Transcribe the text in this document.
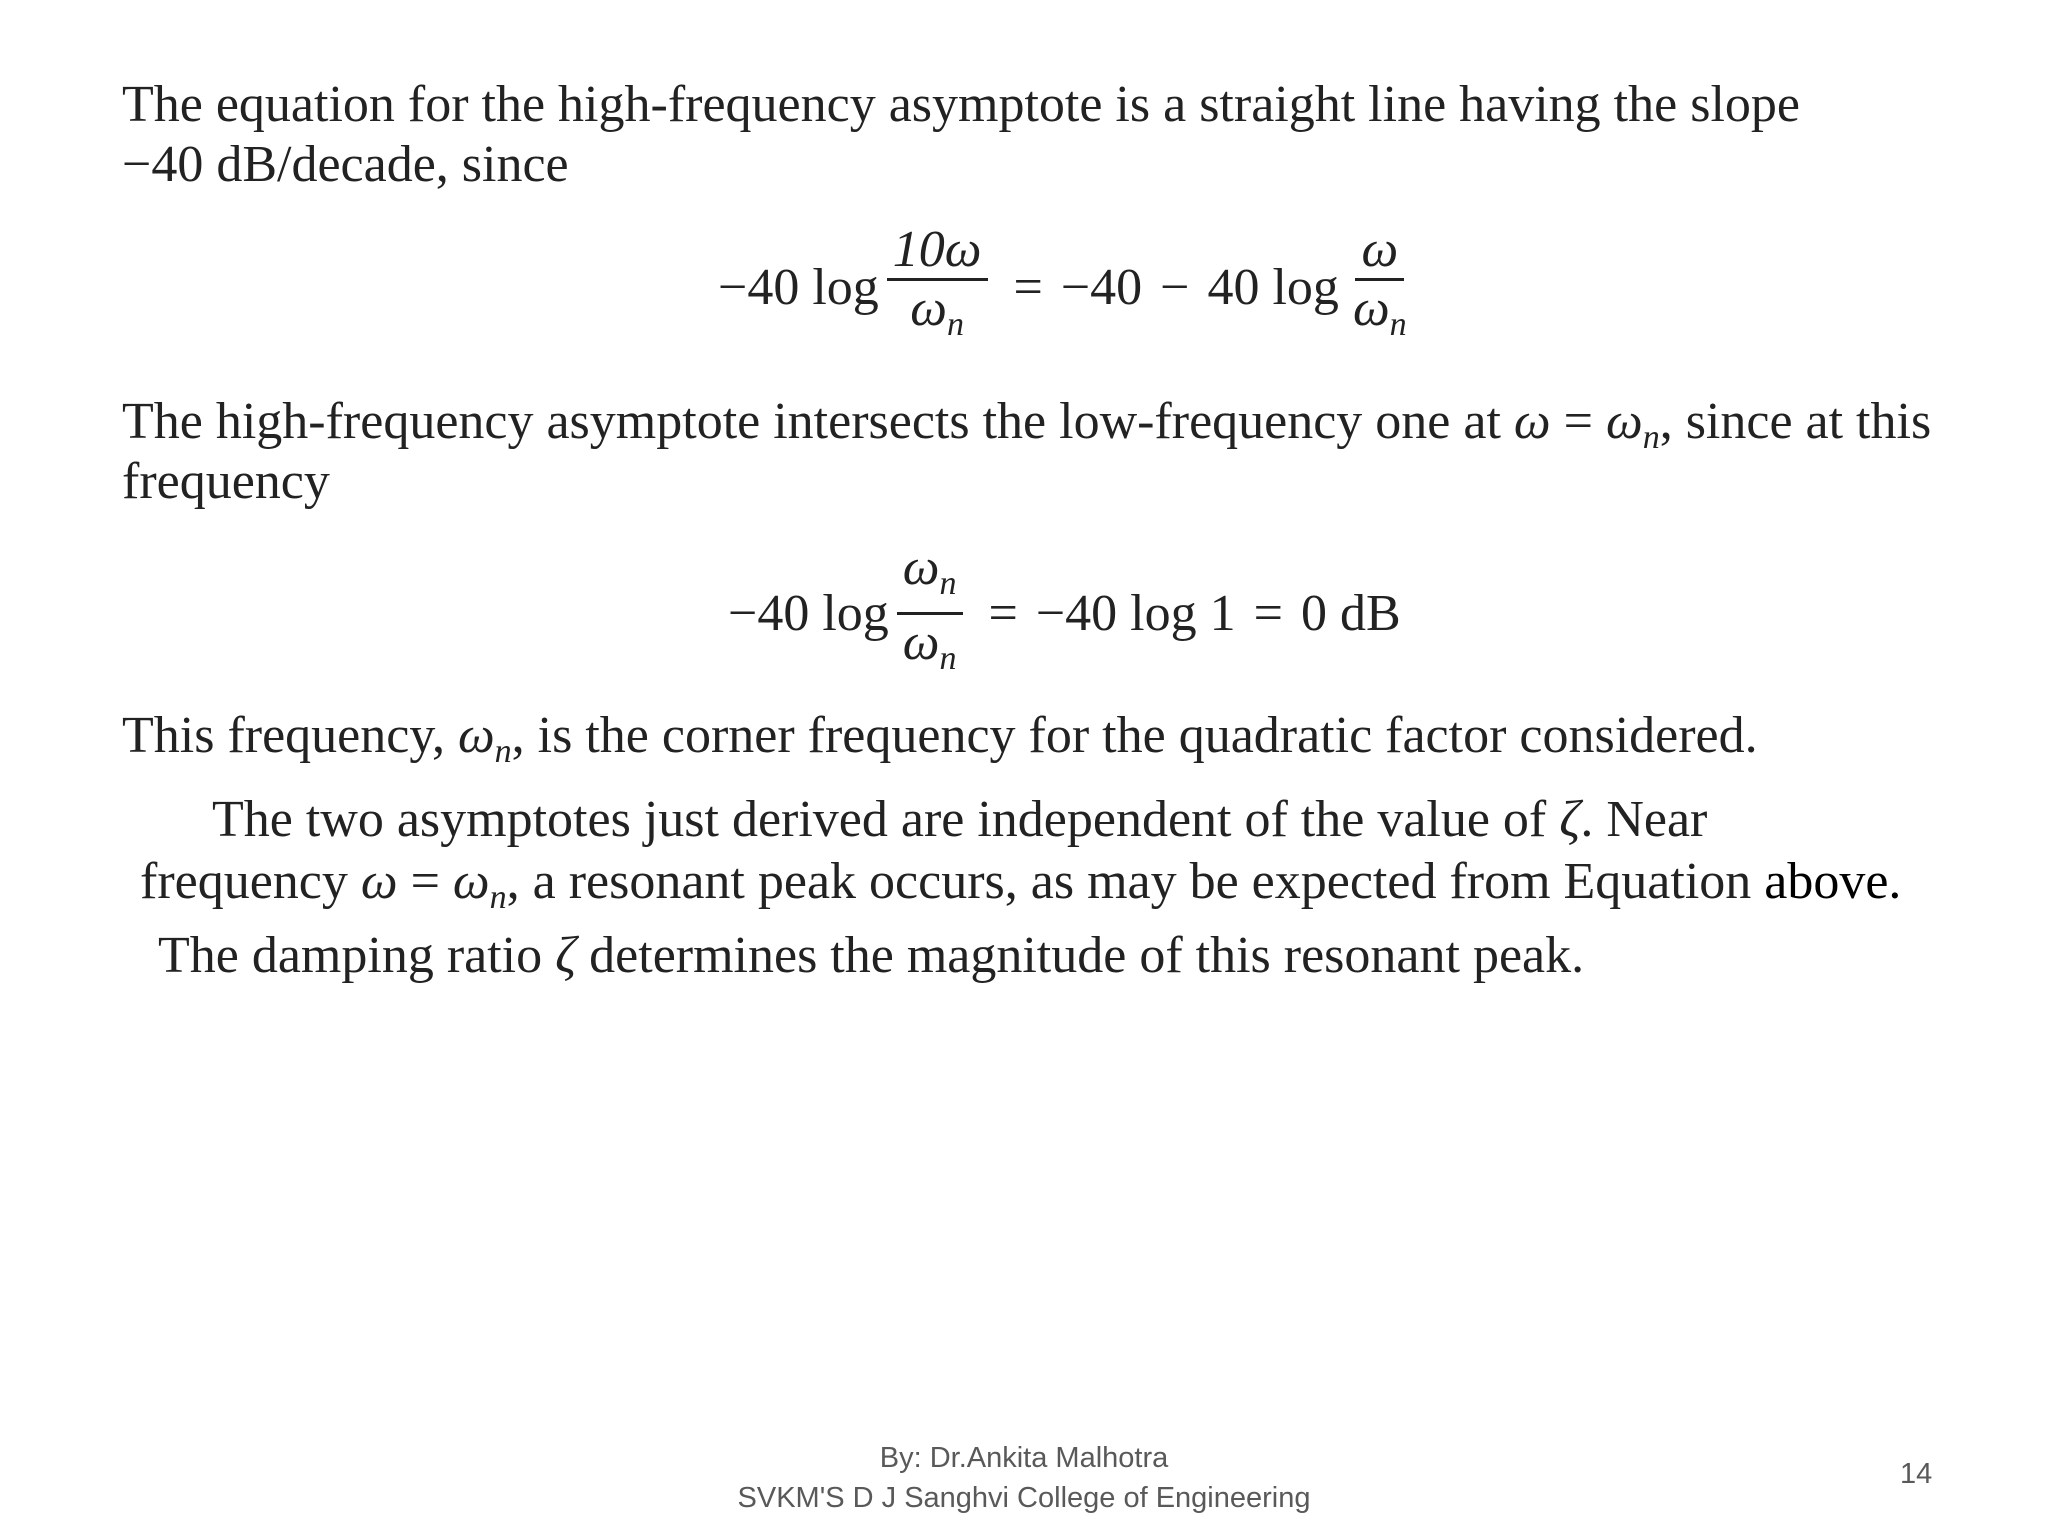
The equation for the high-frequency asymptote is a straight line having the slope
−40 dB/decade, since
−40 $\log \frac{10\omega}{\omega_n} = -40 - 40$ $\log \frac{\omega}{\omega_n}$
The high-frequency asymptote intersects the low-frequency one at $\omega = \omega_n$, since at this
frequency
−40 $\log \frac{\omega_n}{\omega_n} = -40$ log 1 = 0 dB
This frequency, $\omega_n$, is the corner frequency for the quadratic factor considered.
The two asymptotes just derived are independent of the value of ζ. Near
frequency $\omega = \omega_n$, a resonant peak occurs, as may be expected from Equation above.
The damping ratio ζ determines the magnitude of this resonant peak.
By: Dr.Ankita Malhotra
SVKM'S D J Sanghvi College of Engineering
14
